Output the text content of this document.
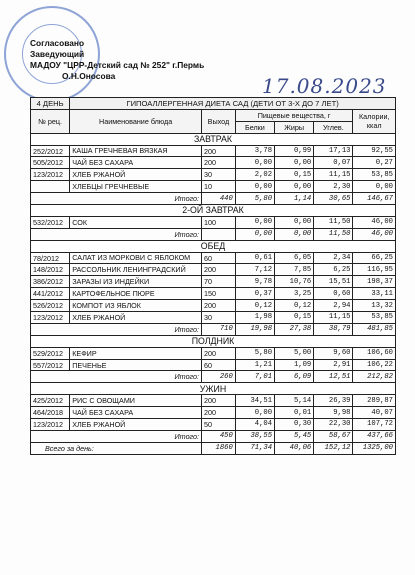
Согласовано
Заведующий
МАДОУ "ЦРР-Детский сад № 252" г.Пермь
О.Н.Оносова	17.08.2023
4 ДЕНЬ	ГИПОАЛЛЕРГЕННАЯ ДИЕТА САД (ДЕТИ ОТ 3-Х ДО 7 ЛЕТ)					
№ рец.	Наименование блюда	Выход	Пищевые вещества, г			Калории, ккал
			Белки	Жиры	Углев.	
ЗАВТРАК						
252/2012	КАША ГРЕЧНЕВАЯ ВЯЗКАЯ	200	3,78	0,99	17,13	92,55
505/2012	ЧАЙ БЕЗ САХАРА	200	0,00	0,00	0,07	0,27
123/2012	ХЛЕБ РЖАНОЙ	30	2,02	0,15	11,15	53,85
	ХЛЕБЦЫ ГРЕЧНЕВЫЕ	10	0,00	0,00	2,30	0,00
Итого:		440	5,80	1,14	30,65	146,67
2-ОЙ ЗАВТРАК						
532/2012	СОК	100	0,00	0,00	11,50	46,00
Итого:			0,00	0,00	11,50	46,00
ОБЕД						
78/2012	САЛАТ ИЗ МОРКОВИ С ЯБЛОКОМ	60	0,61	6,05	2,34	66,25
148/2012	РАССОЛЬНИК ЛЕНИНГРАДСКИЙ	200	7,12	7,85	6,25	116,95
386/2012	ЗАРАЗЫ ИЗ ИНДЕЙКИ	70	9,78	10,76	15,51	198,37
441/2012	КАРТОФЕЛЬНОЕ ПЮРЕ	150	0,37	3,25	0,60	33,11
526/2012	КОМПОТ ИЗ ЯБЛОК	200	0,12	0,12	2,94	13,32
123/2012	ХЛЕБ РЖАНОЙ	30	1,98	0,15	11,15	53,85
Итого:		710	19,98	27,38	38,79	481,85
ПОЛДНИК						
529/2012	КЕФИР	200	5,80	5,00	9,60	106,60
557/2012	ПЕЧЕНЬЕ	60	1,21	1,09	2,91	106,22
Итого:		260	7,01	6,09	12,51	212,82
УЖИН						
425/2012	РИС С ОВОЩАМИ	200	34,51	5,14	26,39	289,87
464/2018	ЧАЙ БЕЗ САХАРА	200	0,00	0,01	9,98	40,07
123/2012	ХЛЕБ РЖАНОЙ	50	4,04	0,30	22,30	107,72
Итого:		450	38,55	5,45	58,67	437,66
Всего за день:		1860	71,34	40,06	152,12	1325,00
